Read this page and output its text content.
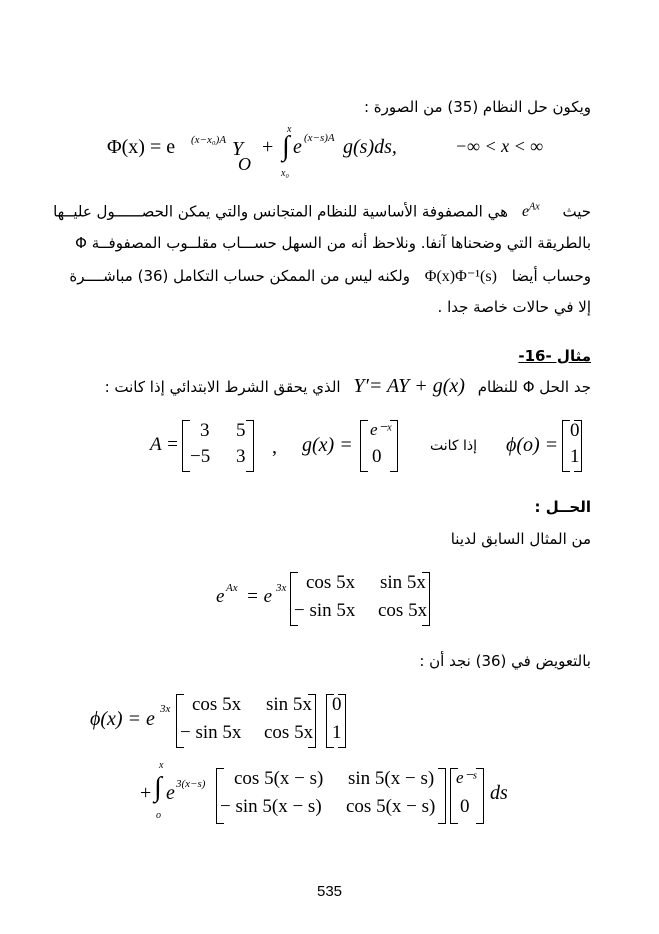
ويكون حل النظام (35) من الصورة :
Φ(x) = e (x−x₀)A Y
O
+
x
∫
x₀
e (x−s)A g(s)ds,	−∞ < x < ∞
حيث $e^{Ax}$ هي المصفوفة الأساسية للنظام المتجانس والتي يمكن الحصــــــول عليــها
بالطريقة التي وضحناها آنفا. ونلاحظ أنه من السهل حســـاب مقلــوب المصفوفــة Φ
وحساب أيضا Φ(x)Φ⁻¹(s) ولكنه ليس من الممكن حساب التكامل (36) مباشــــرة
إلا في حالات خاصة جدا .
مثال -16-
جد الحل Φ للنظام Y′= AY + g(x) الذي يحقق الشرط الابتدائي إذا كانت :
A =
3 5
−5 3 , g(x) =
e⁻ˣ
0	إذا كانت ϕ(o) =
0
1
الحــل :
من المثال السابق لدينا
e Ax = e 3x cos 5x sin 5x
− sin 5x cos 5x
بالتعويض في (36) نجد أن :
ϕ(x) = e 3x cos 5x sin 5x
− sin 5x cos 5x
0
1
+
x
∫
o
e 3(x−s) cos 5(x − s) sin 5(x − s)
− sin 5(x − s) cos 5(x − s)
e⁻ˢ
0
ds
535
